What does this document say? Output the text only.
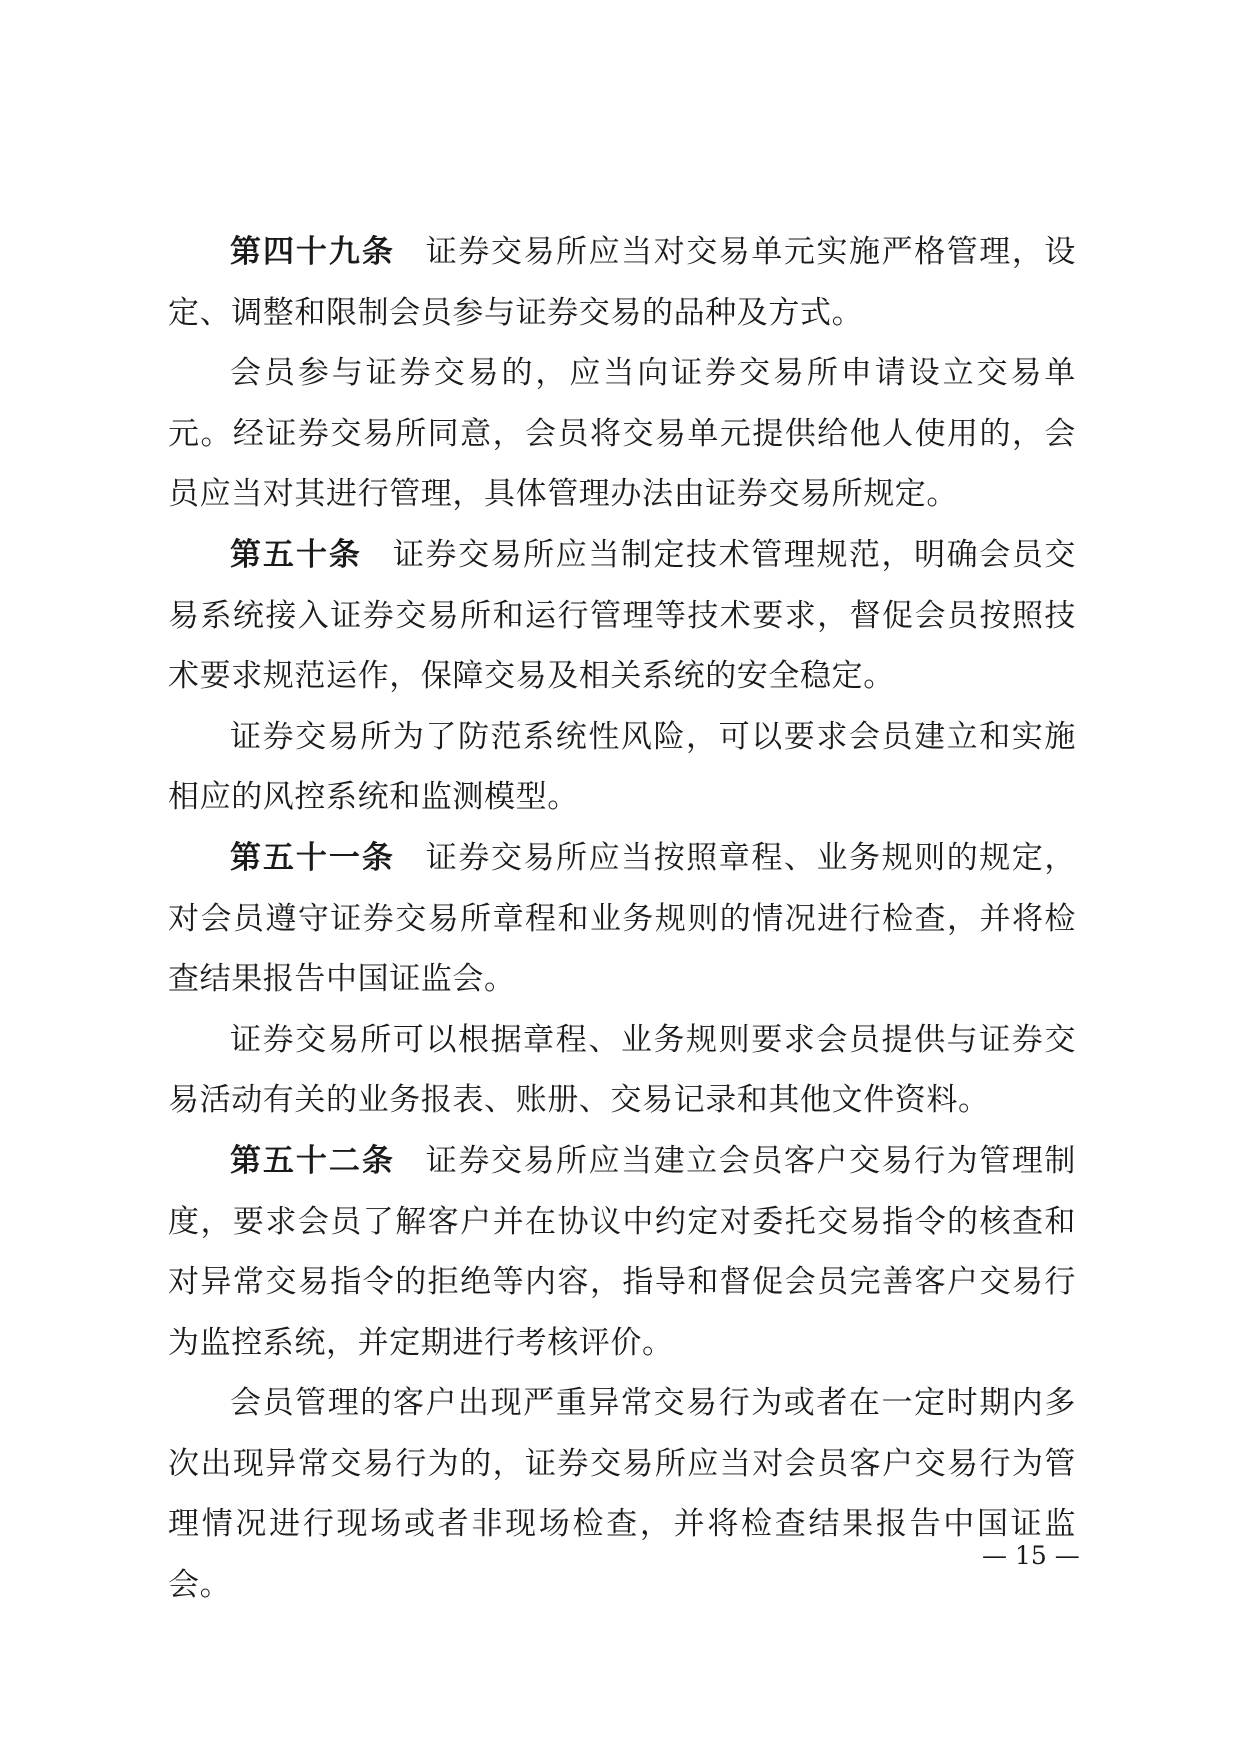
第四十九条 证券交易所应当对交易单元实施严格管理，设定、调整和限制会员参与证券交易的品种及方式。

会员参与证券交易的，应当向证券交易所申请设立交易单元。经证券交易所同意，会员将交易单元提供给他人使用的，会员应当对其进行管理，具体管理办法由证券交易所规定。

第五十条 证券交易所应当制定技术管理规范，明确会员交易系统接入证券交易所和运行管理等技术要求，督促会员按照技术要求规范运作，保障交易及相关系统的安全稳定。

证券交易所为了防范系统性风险，可以要求会员建立和实施相应的风控系统和监测模型。

第五十一条 证券交易所应当按照章程、业务规则的规定，对会员遵守证券交易所章程和业务规则的情况进行检查，并将检查结果报告中国证监会。

证券交易所可以根据章程、业务规则要求会员提供与证券交易活动有关的业务报表、账册、交易记录和其他文件资料。

第五十二条 证券交易所应当建立会员客户交易行为管理制度，要求会员了解客户并在协议中约定对委托交易指令的核查和对异常交易指令的拒绝等内容，指导和督促会员完善客户交易行为监控系统，并定期进行考核评价。

会员管理的客户出现严重异常交易行为或者在一定时期内多次出现异常交易行为的，证券交易所应当对会员客户交易行为管理情况进行现场或者非现场检查，并将检查结果报告中国证监会。

— 15 —
